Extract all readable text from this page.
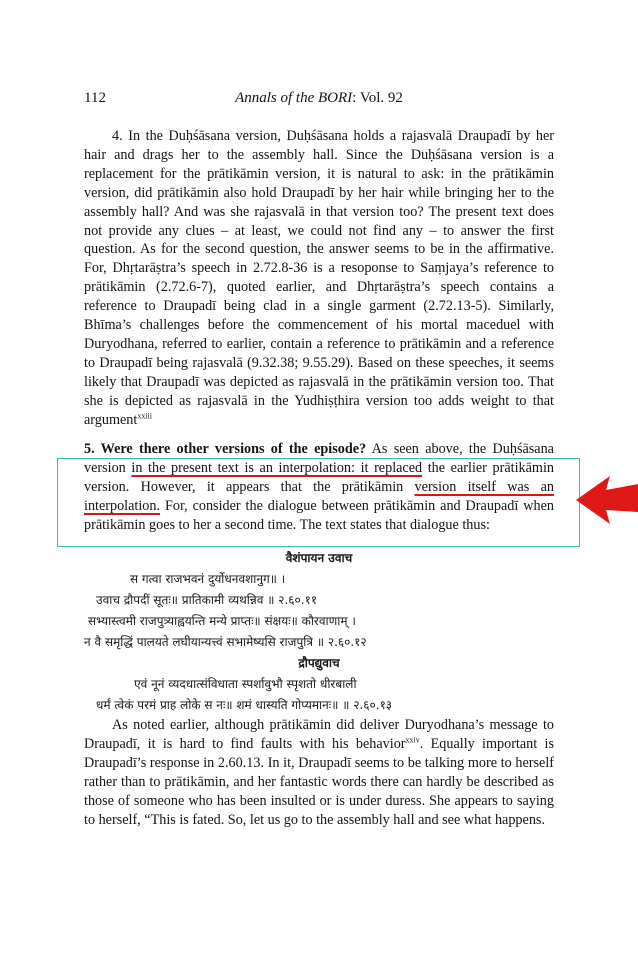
112	Annals of the BORI: Vol. 92

4. In the Duḥśāsana version, Duḥśāsana holds a rajasvalā Draupadī by her hair and drags her to the assembly hall. Since the Duḥśāsana version is a replacement for the prātikāmin version, it is natural to ask: in the prātikāmin version, did prātikāmin also hold Draupadī by her hair while bringing her to the assembly hall? And was she rajasvalā in that version too? The present text does not provide any clues – at least, we could not find any – to answer the first question. As for the second question, the answer seems to be in the affirmative. For, Dhṛtarāṣtra’s speech in 2.72.8-36 is a resoponse to Saṃjaya’s reference to prātikāmin (2.72.6-7), quoted earlier, and Dhṛtarāṣtra’s speech contains a reference to Draupadī being clad in a single garment (2.72.13-5). Similarly, Bhīma’s challenges before the commencement of his mortal maceduel with Duryodhana, referred to earlier, contain a reference to prātikāmin and a reference to Draupadī being rajasvalā (9.32.38; 9.55.29). Based on these speeches, it seems likely that Draupadī was depicted as rajasvalā in the prātikāmin version too. That she is depicted as rajasvalā in the Yudhiṣṭhira version too adds weight to that argument$^{xxiii}$

5. Were there other versions of the episode? As seen above, the Duḥśāsana version in the present text is an interpolation: it replaced the earlier prātikāmin version. However, it appears that the prātikāmin version itself was an interpolation. For, consider the dialogue between prātikāmin and Draupadī when prātikāmin goes to her a second time. The text states that dialogue thus:

वैशंपायन उवाच
स गत्वा राजभवनं दुर्योधनवशानुग॥ ।
उवाच द्रौपदीं सूतः॥ प्रातिकामी व्यथन्निव ॥ २.६०.११
सभ्यास्त्वमी राजपुत्र्याह्वयन्ति मन्ये प्राप्तः॥ संक्षयः॥ कौरवाणाम् ।
न वै समृद्धिं पालयते लघीयान्यत्त्वं सभामेष्यसि राजपुत्रि ॥ २.६०.१२
द्रौपद्युवाच
एवं नूनं व्यदधात्संविधाता स्पर्शावुभौ स्पृशतो धीरबाली
धर्मं त्वेकं परमं प्राह लोके स नः॥ शमं धास्यति गोप्यमानः॥ ॥ २.६०.१३

As noted earlier, although prātikāmin did deliver Duryodhana’s message to Draupadī, it is hard to find faults with his behavior$^{xxiv}$. Equally important is Draupadī’s response in 2.60.13. In it, Draupadī seems to be talking more to herself rather than to prātikāmin, and her fantastic words there can hardly be described as those of someone who has been insulted or is under duress. She appears to saying to herself, “This is fated. So, let us go to the assembly hall and see what happens.
